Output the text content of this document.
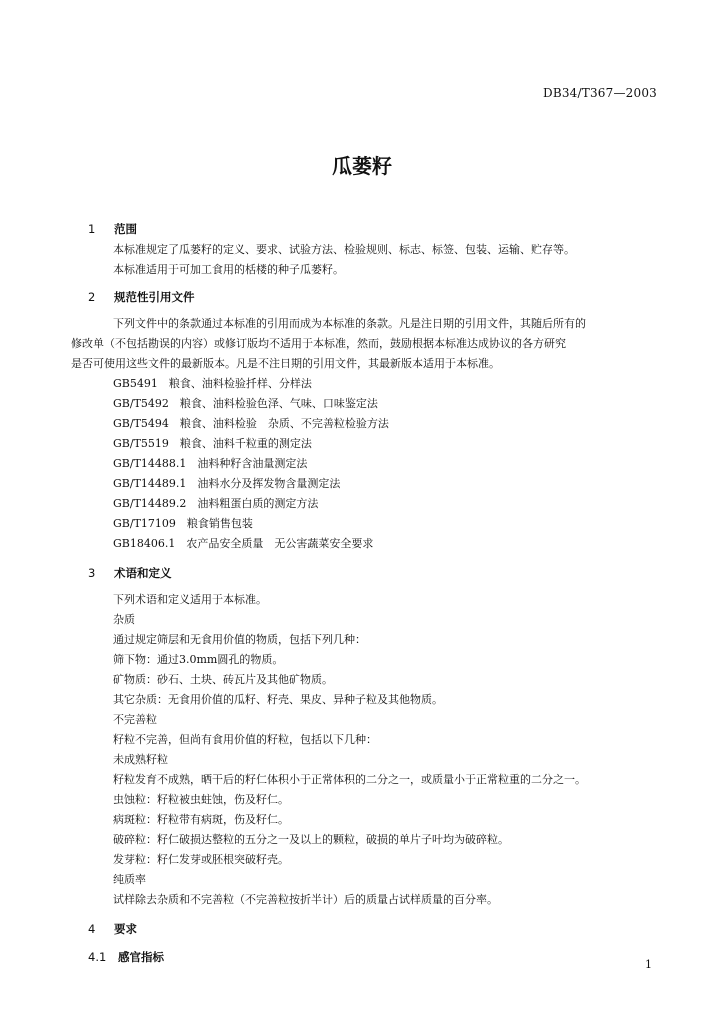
DB34/T367—2003
瓜蒌籽
1 范围
本标准规定了瓜蒌籽的定义、要求、试验方法、检验规则、标志、标签、包装、运输、贮存等。
本标准适用于可加工食用的栝楼的种子瓜蒌籽。
2 规范性引用文件
下列文件中的条款通过本标准的引用而成为本标准的条款。凡是注日期的引用文件，其随后所有的
修改单（不包括勘误的内容）或修订版均不适用于本标准，然而，鼓励根据本标准达成协议的各方研究
是否可使用这些文件的最新版本。凡是不注日期的引用文件，其最新版本适用于本标准。
GB5491　粮食、油料检验扦样、分样法
GB/T5492　粮食、油料检验色泽、气味、口味鉴定法
GB/T5494　粮食、油料检验　杂质、不完善粒检验方法
GB/T5519　粮食、油料千粒重的测定法
GB/T14488.1　油料种籽含油量测定法
GB/T14489.1　油料水分及挥发物含量测定法
GB/T14489.2　油料粗蛋白质的测定方法
GB/T17109　粮食销售包装
GB18406.1　农产品安全质量　无公害蔬菜安全要求
3 术语和定义
下列术语和定义适用于本标准。
杂质
通过规定筛层和无食用价值的物质，包括下列几种：
筛下物：通过3.0mm圆孔的物质。
矿物质：砂石、土块、砖瓦片及其他矿物质。
其它杂质：无食用价值的瓜籽、籽壳、果皮、异种子粒及其他物质。
不完善粒
籽粒不完善，但尚有食用价值的籽粒，包括以下几种：
未成熟籽粒
籽粒发育不成熟，晒干后的籽仁体积小于正常体积的二分之一，或质量小于正常粒重的二分之一。
虫蚀粒：籽粒被虫蛀蚀，伤及籽仁。
病斑粒：籽粒带有病斑，伤及籽仁。
破碎粒：籽仁破损达整粒的五分之一及以上的颗粒，破损的单片子叶均为破碎粒。
发芽粒：籽仁发芽或胚根突破籽壳。
纯质率
试样除去杂质和不完善粒（不完善粒按折半计）后的质量占试样质量的百分率。
4 要求
4.1 感官指标
1
